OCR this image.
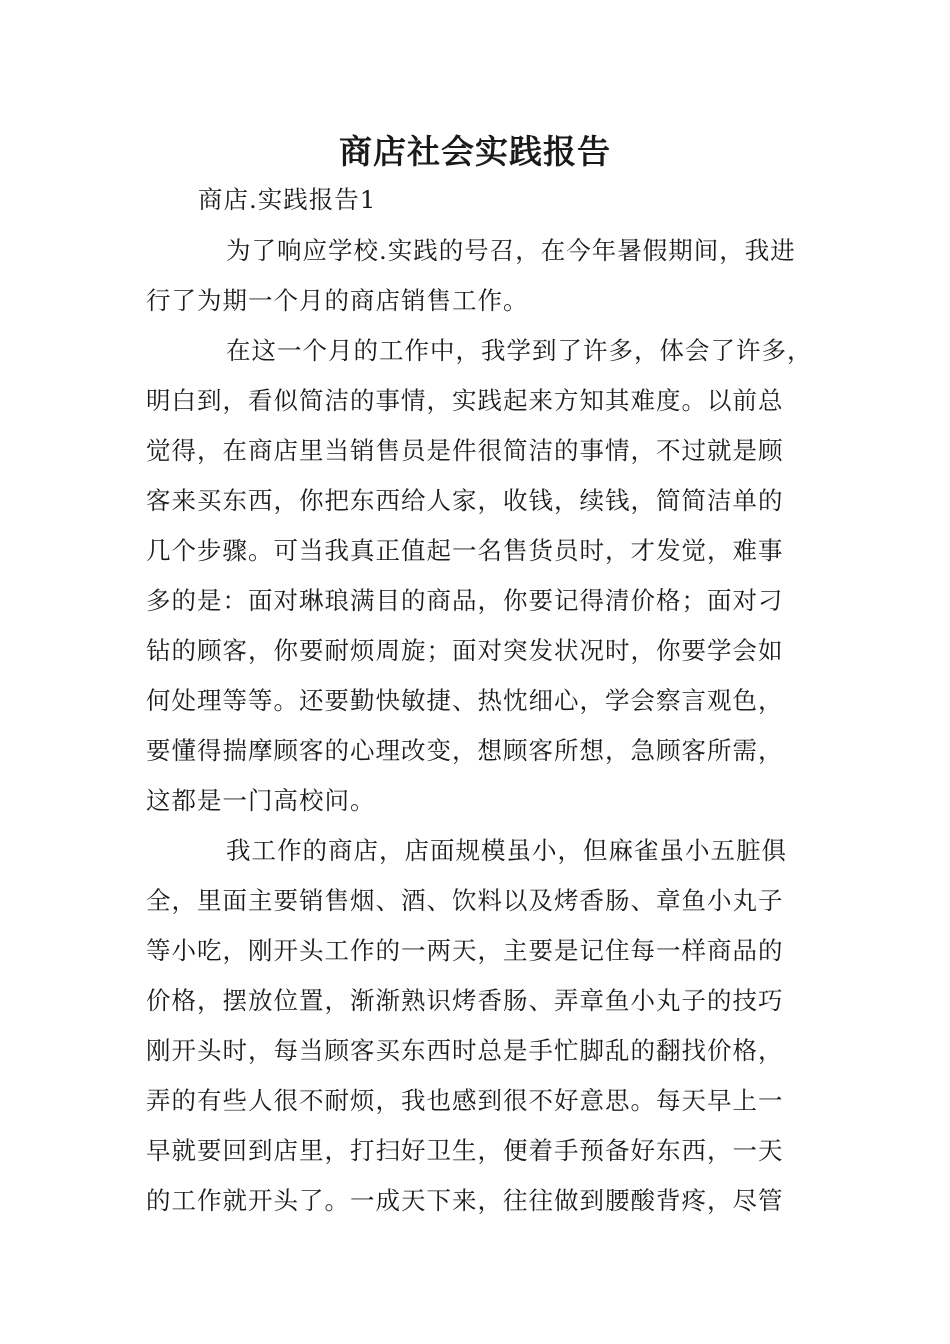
商店社会实践报告
商店.实践报告1
为了响应学校.实践的号召，在今年暑假期间，我进
行了为期一个月的商店销售工作。
在这一个月的工作中，我学到了许多，体会了许多，
明白到，看似简洁的事情，实践起来方知其难度。以前总
觉得，在商店里当销售员是件很简洁的事情，不过就是顾
客来买东西，你把东西给人家，收钱，续钱，简简洁单的
几个步骤。可当我真正值起一名售货员时，才发觉，难事
多的是：面对琳琅满目的商品，你要记得清价格；面对刁
钻的顾客，你要耐烦周旋；面对突发状况时，你要学会如
何处理等等。还要勤快敏捷、热忱细心，学会察言观色，
要懂得揣摩顾客的心理改变，想顾客所想，急顾客所需，
这都是一门高校问。
我工作的商店，店面规模虽小，但麻雀虽小五脏俱
全，里面主要销售烟、酒、饮料以及烤香肠、章鱼小丸子
等小吃，刚开头工作的一两天，主要是记住每一样商品的
价格，摆放位置，渐渐熟识烤香肠、弄章鱼小丸子的技巧
刚开头时，每当顾客买东西时总是手忙脚乱的翻找价格，
弄的有些人很不耐烦，我也感到很不好意思。每天早上一
早就要回到店里，打扫好卫生，便着手预备好东西，一天
的工作就开头了。一成天下来，往往做到腰酸背疼，尽管
